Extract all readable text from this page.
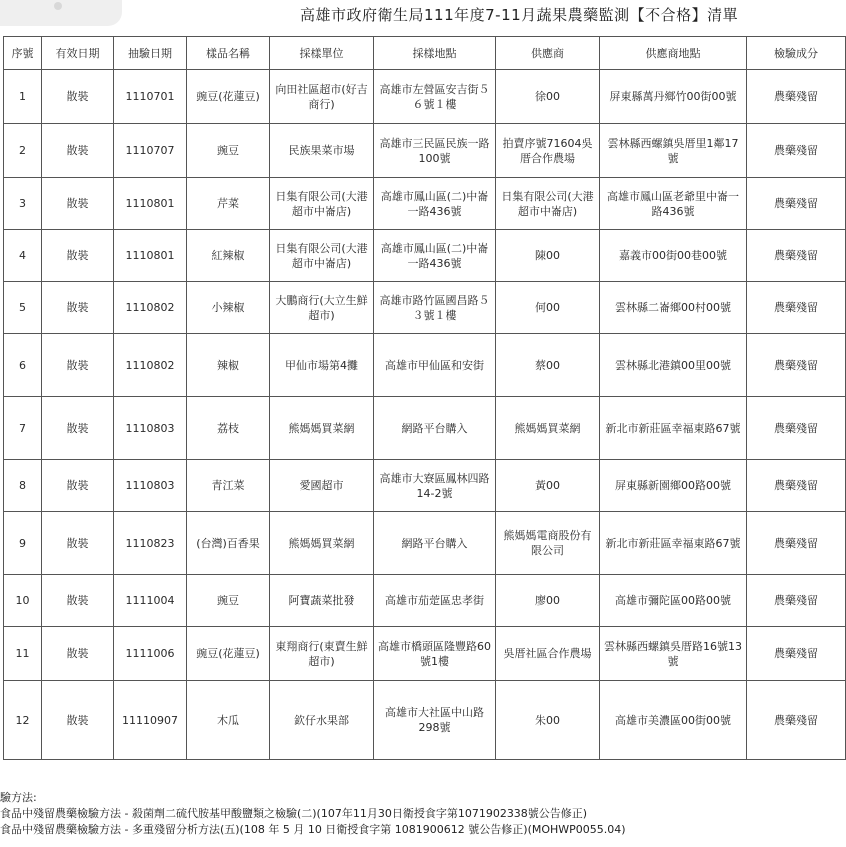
高雄市政府衛生局111年度7-11月蔬果農藥監測【不合格】清單
序號	有效日期	抽驗日期	樣品名稱	採樣單位	採樣地點	供應商	供應商地點	檢驗成分
1	散裝	1110701	豌豆(花蓮豆)	向田社區超市(好吉商行)	高雄市左營區安吉街５６號１樓	徐00	屏東縣萬丹鄉竹00街00號	農藥殘留
2	散裝	1110707	豌豆	民族果菜市場	高雄市三民區民族一路100號	拍賣序號71604吳厝合作農場	雲林縣西螺鎮吳厝里1鄰17號	農藥殘留
3	散裝	1110801	芹菜	日集有限公司(大港超市中崙店)	高雄市鳳山區(二)中崙一路436號	日集有限公司(大港超市中崙店)	高雄市鳳山區老爺里中崙一路436號	農藥殘留
4	散裝	1110801	紅辣椒	日集有限公司(大港超市中崙店)	高雄市鳳山區(二)中崙一路436號	陳00	嘉義市00街00巷00號	農藥殘留
5	散裝	1110802	小辣椒	大鵬商行(大立生鮮超市)	高雄市路竹區國昌路５３號１樓	何00	雲林縣二崙鄉00村00號	農藥殘留
6	散裝	1110802	辣椒	甲仙市場第4攤	高雄市甲仙區和安街	蔡00	雲林縣北港鎮00里00號	農藥殘留
7	散裝	1110803	荔枝	熊媽媽買菜網	網路平台購入	熊媽媽買菜網	新北市新莊區幸福東路67號	農藥殘留
8	散裝	1110803	青江菜	愛國超市	高雄市大寮區鳳林四路14-2號	黃00	屏東縣新園鄉00路00號	農藥殘留
9	散裝	1110823	(台灣)百香果	熊媽媽買菜網	網路平台購入	熊媽媽電商股份有限公司	新北市新莊區幸福東路67號	農藥殘留
10	散裝	1111004	豌豆	阿寶蔬菜批發	高雄市茄萣區忠孝街	廖00	高雄市彌陀區00路00號	農藥殘留
11	散裝	1111006	豌豆(花蓮豆)	東翔商行(東賣生鮮超市)	高雄市橋頭區隆豐路60號1樓	吳厝社區合作農場	雲林縣西螺鎮吳厝路16號13號	農藥殘留
12	散裝	11110907	木瓜	欽仔水果部	高雄市大社區中山路298號	朱00	高雄市美濃區00街00號	農藥殘留
驗方法:
食品中殘留農藥檢驗方法 - 殺菌劑二硫代胺基甲酸鹽類之檢驗(二)(107年11月30日衛授食字第1071902338號公告修正)
食品中殘留農藥檢驗方法 - 多重殘留分析方法(五)(108 年 5 月 10 日衛授食字第 1081900612 號公告修正)(MOHWP0055.04)
